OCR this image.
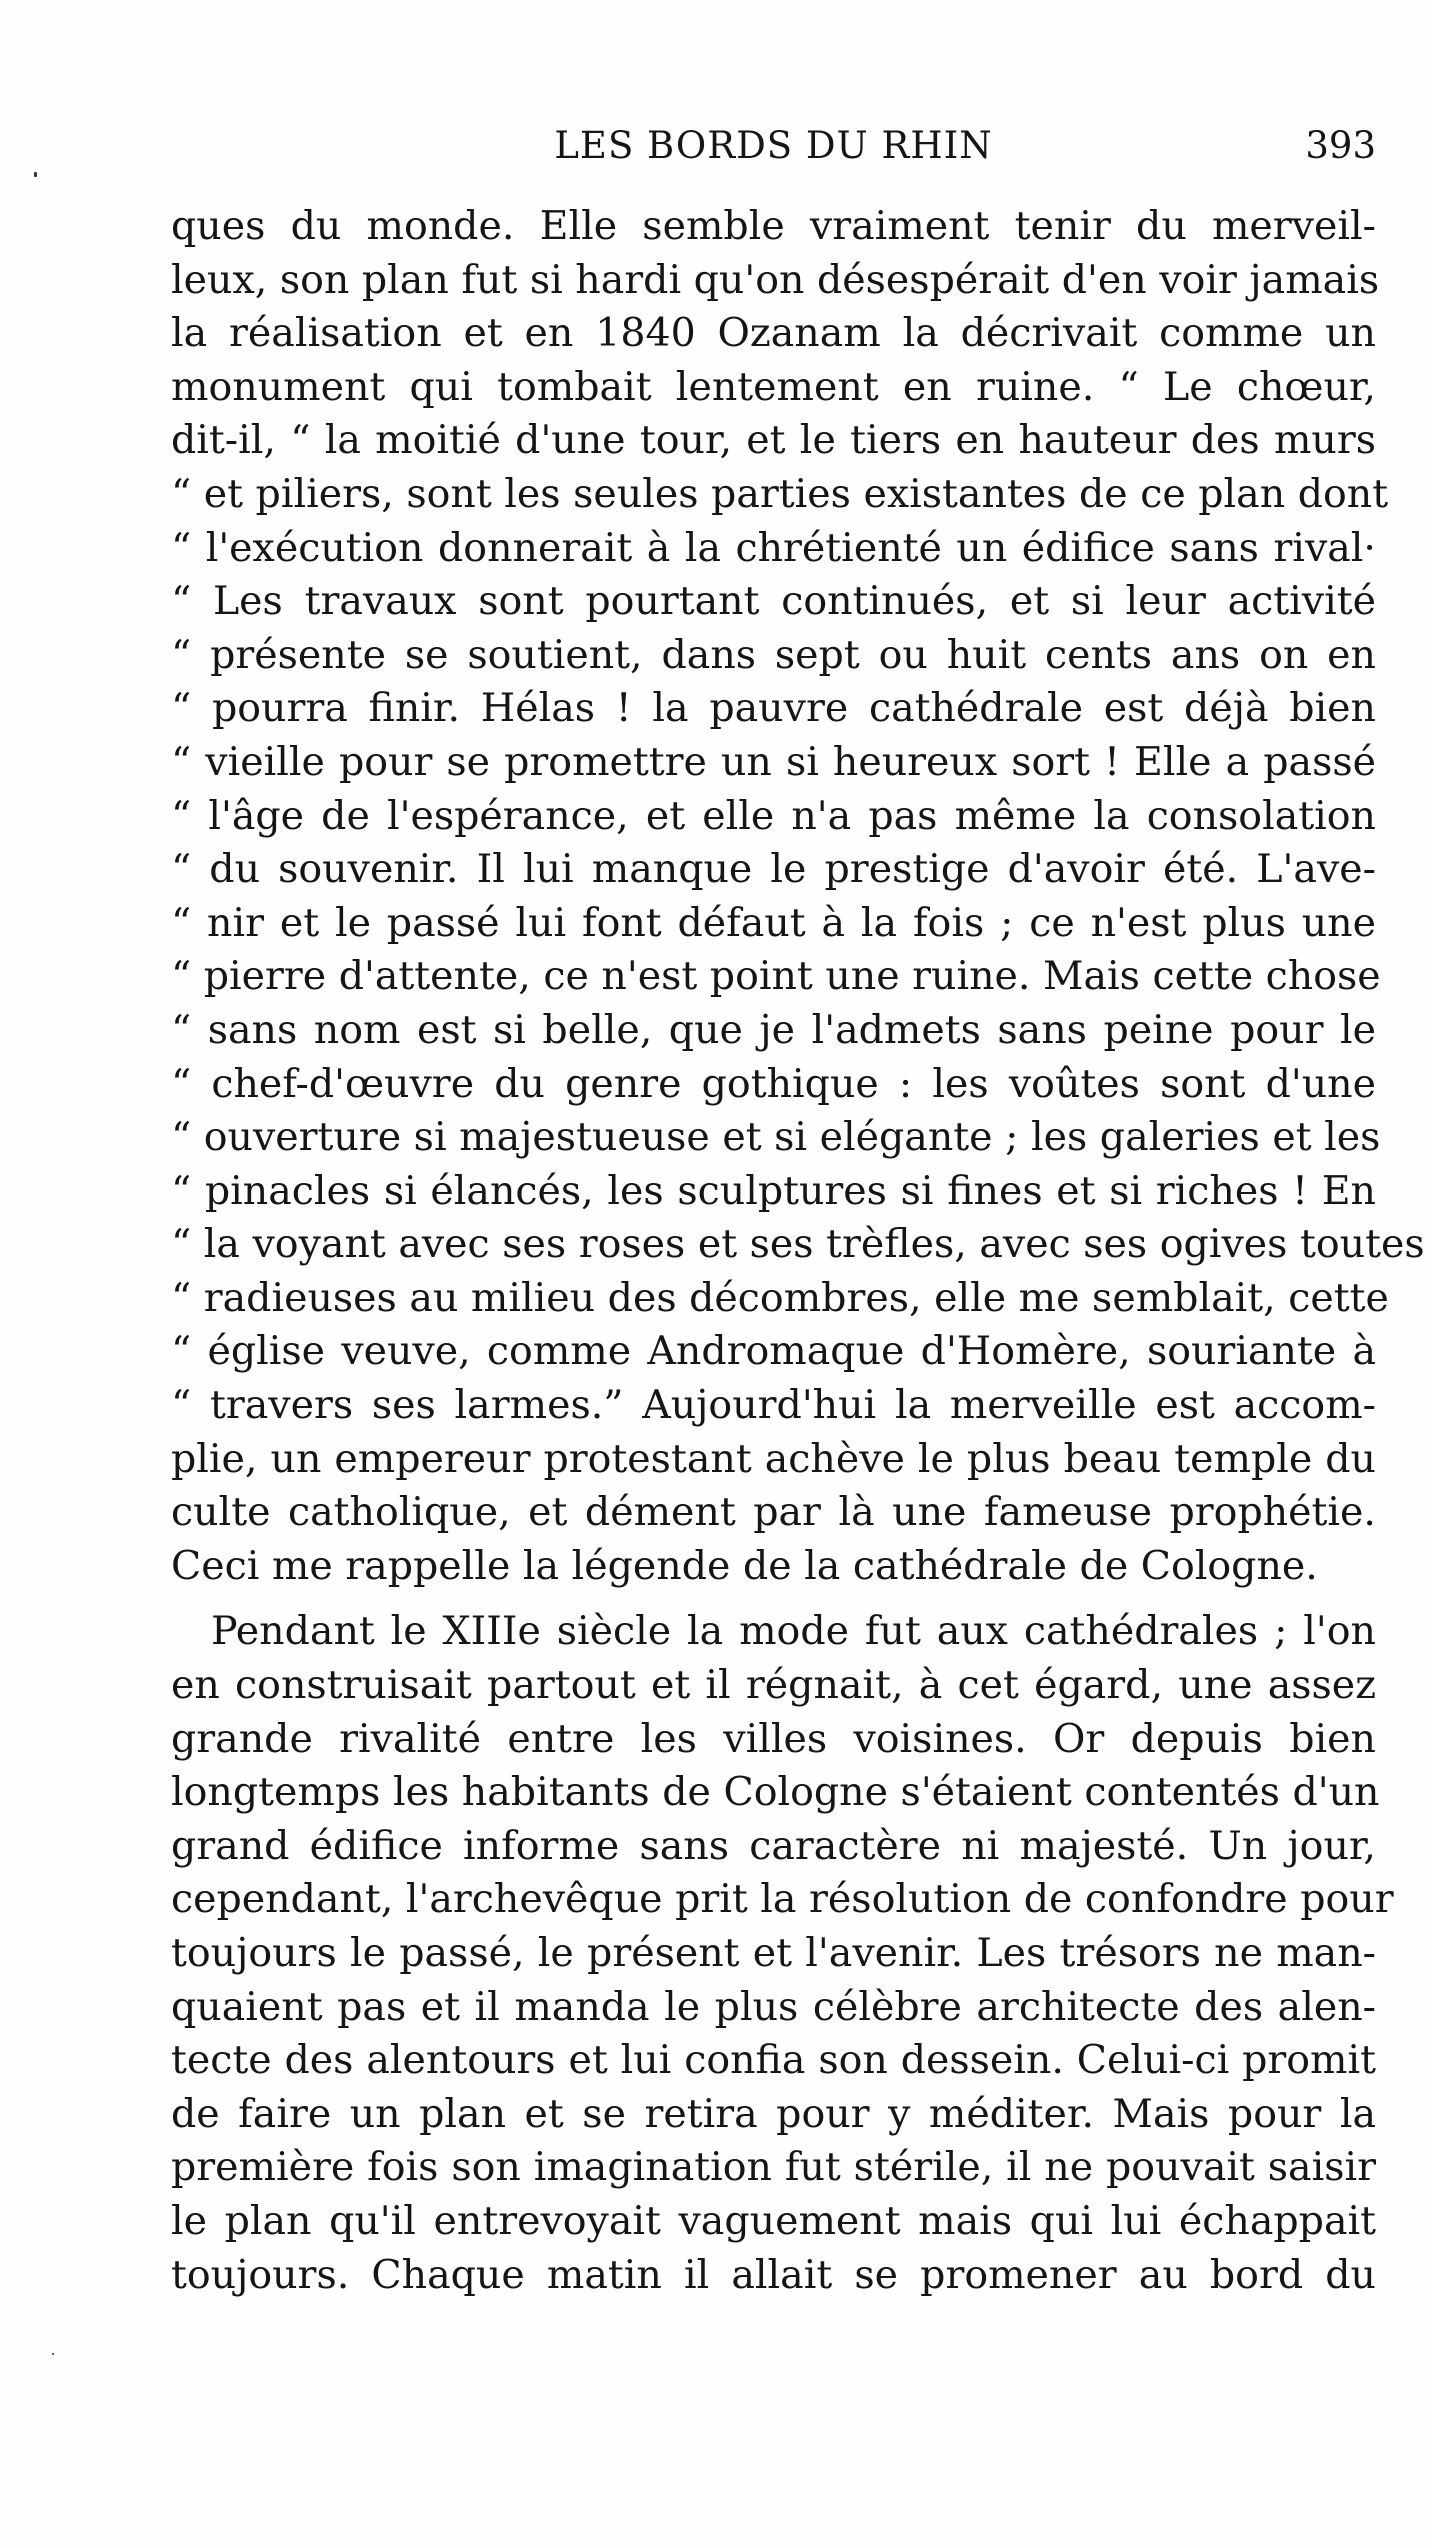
LES BORDS DU RHIN	393
ques du monde. Elle semble vraiment tenir du merveil-
leux, son plan fut si hardi qu'on désespérait d'en voir jamais
la réalisation et en 1840 Ozanam la décrivait comme un
monument qui tombait lentement en ruine. “ Le chœur,
dit-il, “ la moitié d'une tour, et le tiers en hauteur des murs
“ et piliers, sont les seules parties existantes de ce plan dont
“ l'exécution donnerait à la chrétienté un édifice sans rival·
“ Les travaux sont pourtant continués, et si leur activité
“ présente se soutient, dans sept ou huit cents ans on en
“ pourra finir. Hélas ! la pauvre cathédrale est déjà bien
“ vieille pour se promettre un si heureux sort ! Elle a passé
“ l'âge de l'espérance, et elle n'a pas même la consolation
“ du souvenir. Il lui manque le prestige d'avoir été. L'ave-
“ nir et le passé lui font défaut à la fois ; ce n'est plus une
“ pierre d'attente, ce n'est point une ruine. Mais cette chose
“ sans nom est si belle, que je l'admets sans peine pour le
“ chef-d'œuvre du genre gothique : les voûtes sont d'une
“ ouverture si majestueuse et si elégante ; les galeries et les
“ pinacles si élancés, les sculptures si fines et si riches ! En
“ la voyant avec ses roses et ses trèfles, avec ses ogives toutes
“ radieuses au milieu des décombres, elle me semblait, cette
“ église veuve, comme Andromaque d'Homère, souriante à
“ travers ses larmes.” Aujourd'hui la merveille est accom-
plie, un empereur protestant achève le plus beau temple du
culte catholique, et dément par là une fameuse prophétie.
Ceci me rappelle la légende de la cathédrale de Cologne.
Pendant le XIIIe siècle la mode fut aux cathédrales ; l'on
en construisait partout et il régnait, à cet égard, une assez
grande rivalité entre les villes voisines. Or depuis bien
longtemps les habitants de Cologne s'étaient contentés d'un
grand édifice informe sans caractère ni majesté. Un jour,
cependant, l'archevêque prit la résolution de confondre pour
toujours le passé, le présent et l'avenir. Les trésors ne man-
quaient pas et il manda le plus célèbre architecte des alen-
tecte des alentours et lui confia son dessein. Celui-ci promit
de faire un plan et se retira pour y méditer. Mais pour la
première fois son imagination fut stérile, il ne pouvait saisir
le plan qu'il entrevoyait vaguement mais qui lui échappait
toujours. Chaque matin il allait se promener au bord du
